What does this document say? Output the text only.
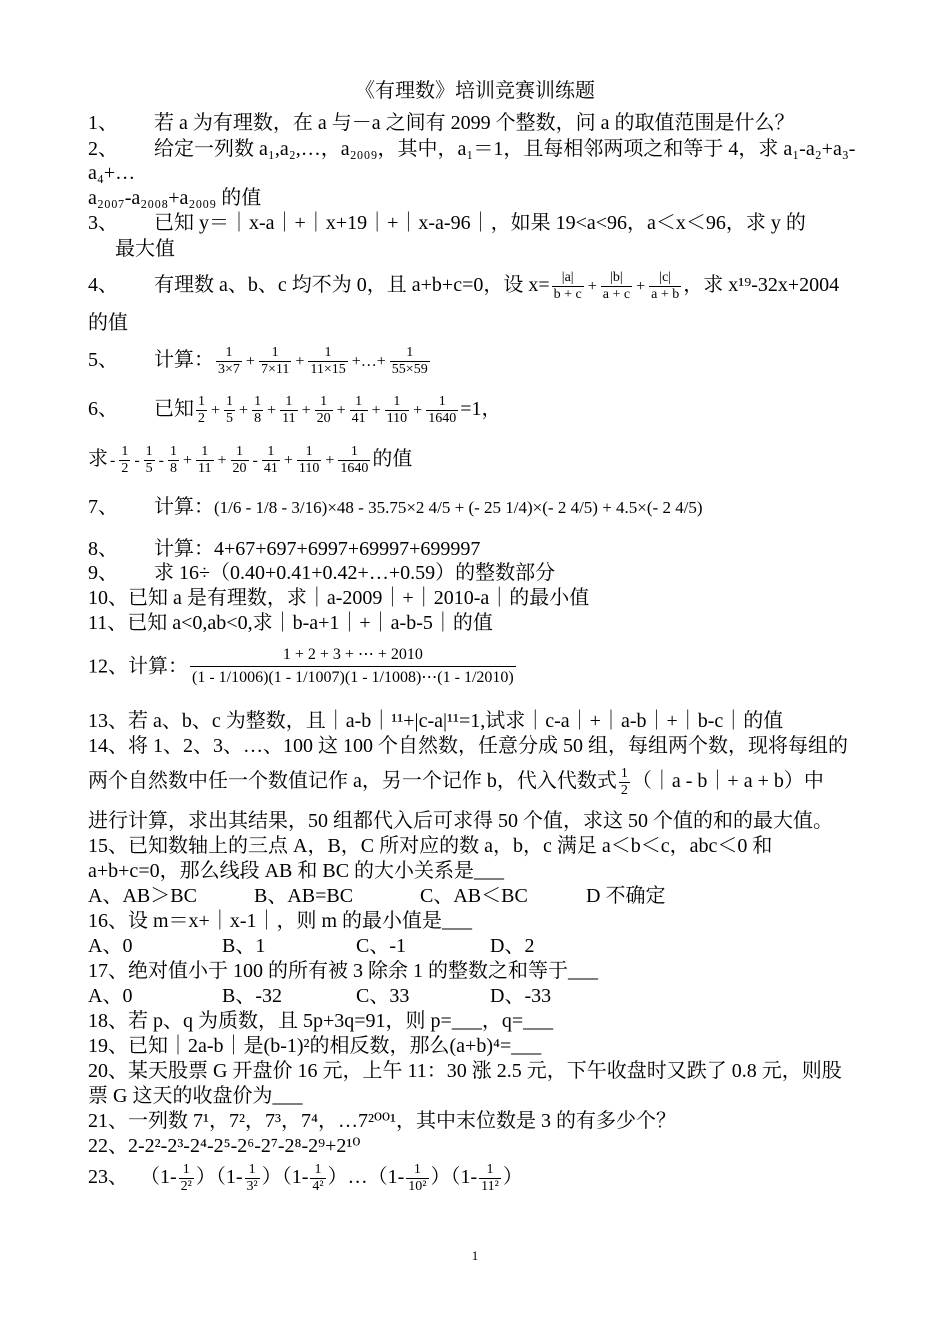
《有理数》培训竞赛训练题
1、 若 a 为有理数，在 a 与－a 之间有 2099 个整数，问 a 的取值范围是什么？
2、 给定一列数 a₁,a₂,…，a₂₀₀₉，其中，a₁＝1，且每相邻两项之和等于 4，求 a₁-a₂+a₃-
a₄+…
a₂₀₀₇-a₂₀₀₈+a₂₀₀₉ 的值
3、 已知 y＝｜x-a｜+｜x+19｜+｜x-a-96｜，如果 19<a<96，a＜x＜96，求 y 的
最大值
4、 有理数 a、b、c 均不为 0，且 a+b+c=0，设 $x= \frac{|a|}{b + c} + \frac{|b|}{a + c} + \frac{|c|}{a + b}$ ，求 x¹⁹-32x+2004
的值
5、 计算： $\frac{1}{3\times 7} + \frac{1}{7\times 11} + \frac{1}{11\times 15}$ +…+ $\frac{1}{55\times 59}$
6、 已知 $\frac{1}{2} + \frac{1}{5} + \frac{1}{8} + \frac{1}{11} + \frac{1}{20} + \frac{1}{41} + \frac{1}{110} + \frac{1}{1640} =1$，
求 - $\frac{1}{2} - \frac{1}{5} - \frac{1}{8} + \frac{1}{11} + \frac{1}{20} - \frac{1}{41} + \frac{1}{110} + \frac{1}{1640}$ 的值
7、 计算：(1/6 - 1/8 - 3/16)×48 - 35.75×2 4/5 + (- 25 1/4)×(- 2 4/5) + 4.5×(- 2 4/5)
8、 计算：4+67+697+6997+69997+699997
9、 求 16÷（0.40+0.41+0.42+…+0.59）的整数部分
10、已知 a 是有理数，求｜a-2009｜+｜2010-a｜的最小值
11、已知 a<0,ab<0,求｜b-a+1｜+｜a-b-5｜的值
12、计算： $\frac{1 + 2 + 3 + \cdots + 2010}{(1 - 1/1006)(1 - 1/1007)(1 - 1/1008)\cdots(1 - 1/2010)}$
13、若 a、b、c 为整数，且｜a-b｜¹¹+|c-a|¹¹=1,试求｜c-a｜+｜a-b｜+｜b-c｜的值
14、将 1、2、3、…、100 这 100 个自然数，任意分成 50 组，每组两个数，现将每组的
两个自然数中任一个数值记作 a，另一个记作 b，代入代数式 $\frac{1}{2}$ （｜a - b｜+ a + b）中
进行计算，求出其结果，50 组都代入后可求得 50 个值，求这 50 个值的和的最大值。
15、已知数轴上的三点 A，B，C 所对应的数 a，b，c 满足 a＜b＜c，abc＜0 和
a+b+c=0，那么线段 AB 和 BC 的大小关系是___
A、AB＞BC	B、AB=BC	C、AB＜BC	D 不确定
16、设 m＝x+｜x-1｜，则 m 的最小值是___
A、0	B、1	C、-1	D、2
17、绝对值小于 100 的所有被 3 除余 1 的整数之和等于___
A、0	B、-32	C、33	D、-33
18、若 p、q 为质数，且 5p+3q=91，则 p=___，q=___
19、已知｜2a-b｜是(b-1)²的相反数，那么(a+b)⁴=___
20、某天股票 G 开盘价 16 元，上午 11：30 涨 2.5 元，下午收盘时又跌了 0.8 元，则股
票 G 这天的收盘价为___
21、一列数 7¹，7²，7³，7⁴，…7²⁰⁰¹，其中末位数是 3 的有多少个？
22、2-2²-2³-2⁴-2⁵-2⁶-2⁷-2⁸-2⁹+2¹⁰
23、 $(1- \frac{1}{\text{2²}} )(1- \frac{1}{\text{3²}} )(1- \frac{1}{\text{4²}}$ ）…（1- $\frac{1}{\text{10²}} )(1- \frac{1}{\text{11²}}$ ）
1
